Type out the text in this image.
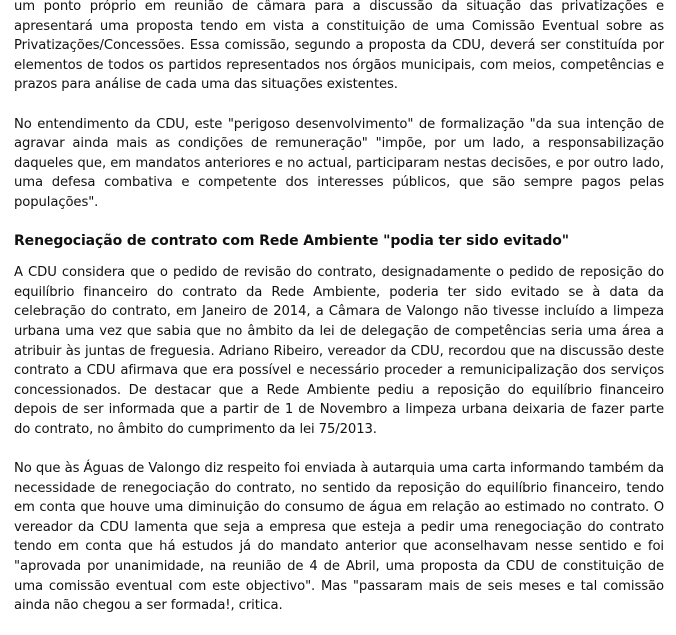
um ponto próprio em reunião de câmara para a discussão da situação das privatizações e apresentará uma proposta tendo em vista a constituição de uma Comissão Eventual sobre as Privatizações/Concessões. Essa comissão, segundo a proposta da CDU, deverá ser constituída por elementos de todos os partidos representados nos órgãos municipais, com meios, competências e prazos para análise de cada uma das situações existentes.

No entendimento da CDU, este "perigoso desenvolvimento" de formalização "da sua intenção de agravar ainda mais as condições de remuneração" "impõe, por um lado, a responsabilização daqueles que, em mandatos anteriores e no actual, participaram nestas decisões, e por outro lado, uma defesa combativa e competente dos interesses públicos, que são sempre pagos pelas populações".

Renegociação de contrato com Rede Ambiente "podia ter sido evitado"

A CDU considera que o pedido de revisão do contrato, designadamente o pedido de reposição do equilíbrio financeiro do contrato da Rede Ambiente, poderia ter sido evitado se à data da celebração do contrato, em Janeiro de 2014, a Câmara de Valongo não tivesse incluído a limpeza urbana uma vez que sabia que no âmbito da lei de delegação de competências seria uma área a atribuir às juntas de freguesia. Adriano Ribeiro, vereador da CDU, recordou que na discussão deste contrato a CDU afirmava que era possível e necessário proceder a remunicipalização dos serviços concessionados. De destacar que a Rede Ambiente pediu a reposição do equilíbrio financeiro depois de ser informada que a partir de 1 de Novembro a limpeza urbana deixaria de fazer parte do contrato, no âmbito do cumprimento da lei 75/2013.

No que às Águas de Valongo diz respeito foi enviada à autarquia uma carta informando também da necessidade de renegociação do contrato, no sentido da reposição do equilíbrio financeiro, tendo em conta que houve uma diminuição do consumo de água em relação ao estimado no contrato. O vereador da CDU lamenta que seja a empresa que esteja a pedir uma renegociação do contrato tendo em conta que há estudos já do mandato anterior que aconselhavam nesse sentido e foi "aprovada por unanimidade, na reunião de 4 de Abril, uma proposta da CDU de constituição de uma comissão eventual com este objectivo". Mas "passaram mais de seis meses e tal comissão ainda não chegou a ser formada!, critica.
